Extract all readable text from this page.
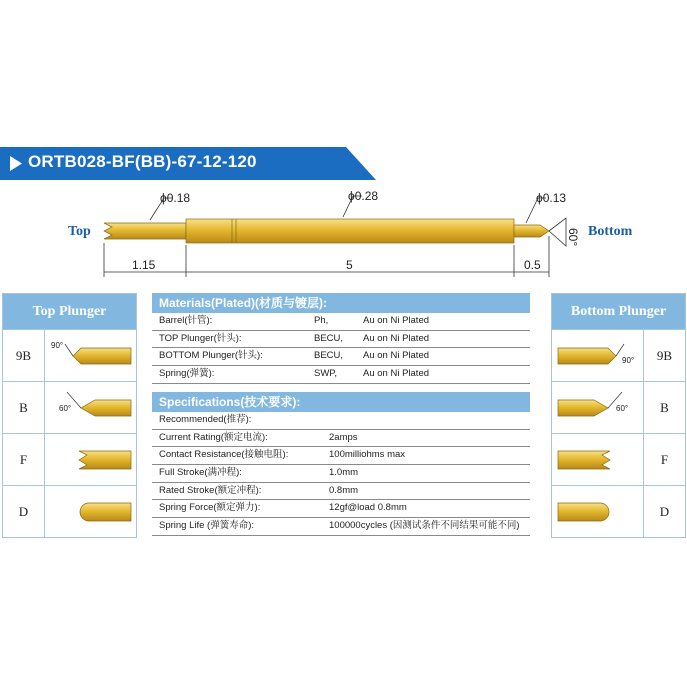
ORTB028-BF(BB)-67-12-120
Top	Bottom
ϕ0.18	ϕ0.28	ϕ0.13
60°
1.15	5	0.5
Top Plunger
9B
90°
B	60°
F
D
Bottom Plunger
90°	9B
60°	B
F
D
Materials(Plated)(材质与镀层):
Barrel(针管):	Ph,	Au on Ni Plated
TOP Plunger(针头):	BECU, Au on Ni Plated
BOTTOM Plunger(针头):	BECU, Au on Ni Plated
Spring(弹簧):	SWP,	Au on Ni Plated
Specifications(技术要求):
Recommended(推荐):
Current Rating(额定电流):	2amps
Contact Resistance(接触电阻):	100milliohms max
Full Stroke(满冲程):	1.0mm
Rated Stroke(额定冲程):	0.8mm
Spring Force(额定弹力):	12gf@load 0.8mm
Spring Life (弹簧寿命):	100000cycles (因测试条件不同结果可能不同)
